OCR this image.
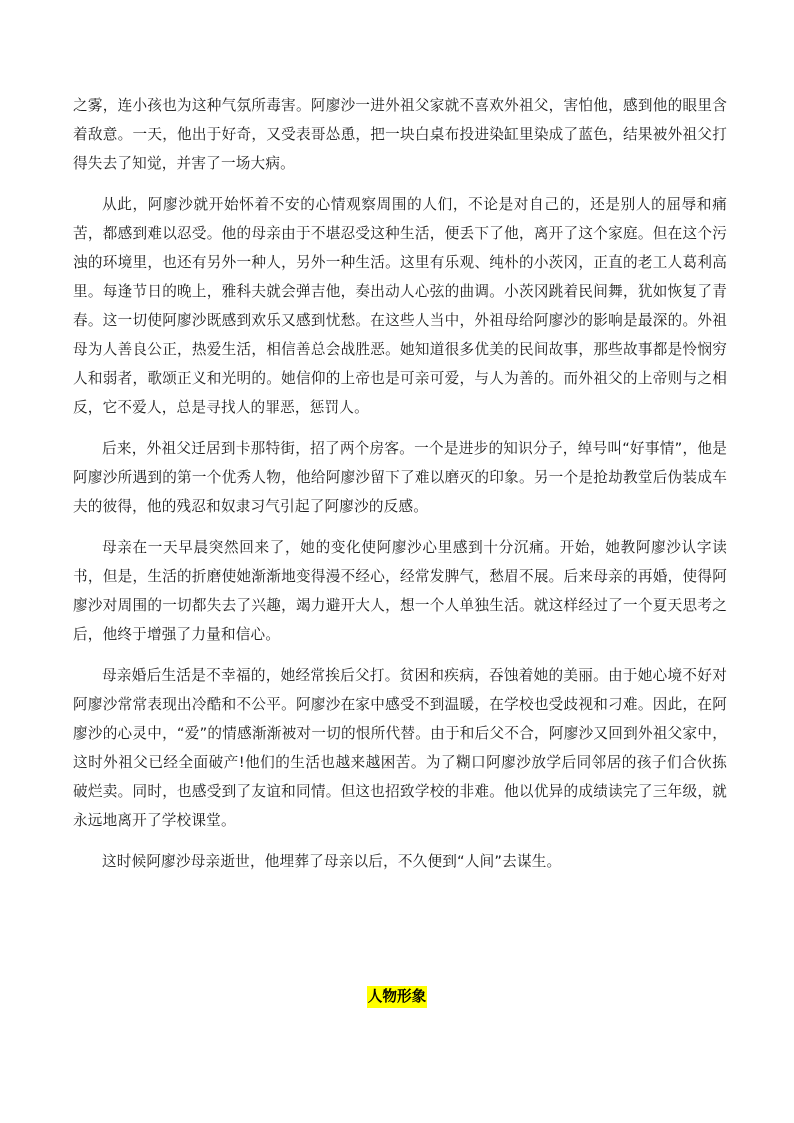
之雾，连小孩也为这种气氛所毒害。阿廖沙一进外祖父家就不喜欢外祖父，害怕他，感到他的眼里含着敌意。一天，他出于好奇，又受表哥怂恿，把一块白桌布投进染缸里染成了蓝色，结果被外祖父打得失去了知觉，并害了一场大病。

从此，阿廖沙就开始怀着不安的心情观察周围的人们，不论是对自己的，还是别人的屈辱和痛苦，都感到难以忍受。他的母亲由于不堪忍受这种生活，便丢下了他，离开了这个家庭。但在这个污浊的环境里，也还有另外一种人，另外一种生活。这里有乐观、纯朴的小茨冈，正直的老工人葛利高里。每逢节日的晚上，雅科夫就会弹吉他，奏出动人心弦的曲调。小茨冈跳着民间舞，犹如恢复了青春。这一切使阿廖沙既感到欢乐又感到忧愁。在这些人当中，外祖母给阿廖沙的影响是最深的。外祖母为人善良公正，热爱生活，相信善总会战胜恶。她知道很多优美的民间故事，那些故事都是怜悯穷人和弱者，歌颂正义和光明的。她信仰的上帝也是可亲可爱，与人为善的。而外祖父的上帝则与之相反，它不爱人，总是寻找人的罪恶，惩罚人。

后来，外祖父迁居到卡那特街，招了两个房客。一个是进步的知识分子，绰号叫“好事情”，他是阿廖沙所遇到的第一个优秀人物，他给阿廖沙留下了难以磨灭的印象。另一个是抢劫教堂后伪装成车夫的彼得，他的残忍和奴隶习气引起了阿廖沙的反感。

母亲在一天早晨突然回来了，她的变化使阿廖沙心里感到十分沉痛。开始，她教阿廖沙认字读书，但是，生活的折磨使她渐渐地变得漫不经心，经常发脾气，愁眉不展。后来母亲的再婚，使得阿廖沙对周围的一切都失去了兴趣，竭力避开大人，想一个人单独生活。就这样经过了一个夏天思考之后，他终于增强了力量和信心。

母亲婚后生活是不幸福的，她经常挨后父打。贫困和疾病，吞蚀着她的美丽。由于她心境不好对阿廖沙常常表现出冷酷和不公平。阿廖沙在家中感受不到温暖，在学校也受歧视和刁难。因此，在阿廖沙的心灵中，“爱”的情感渐渐被对一切的恨所代替。由于和后父不合，阿廖沙又回到外祖父家中，这时外祖父已经全面破产!他们的生活也越来越困苦。为了糊口阿廖沙放学后同邻居的孩子们合伙拣破烂卖。同时，也感受到了友谊和同情。但这也招致学校的非难。他以优异的成绩读完了三年级，就永远地离开了学校课堂。

这时候阿廖沙母亲逝世，他埋葬了母亲以后，不久便到“人间”去谋生。

人物形象
